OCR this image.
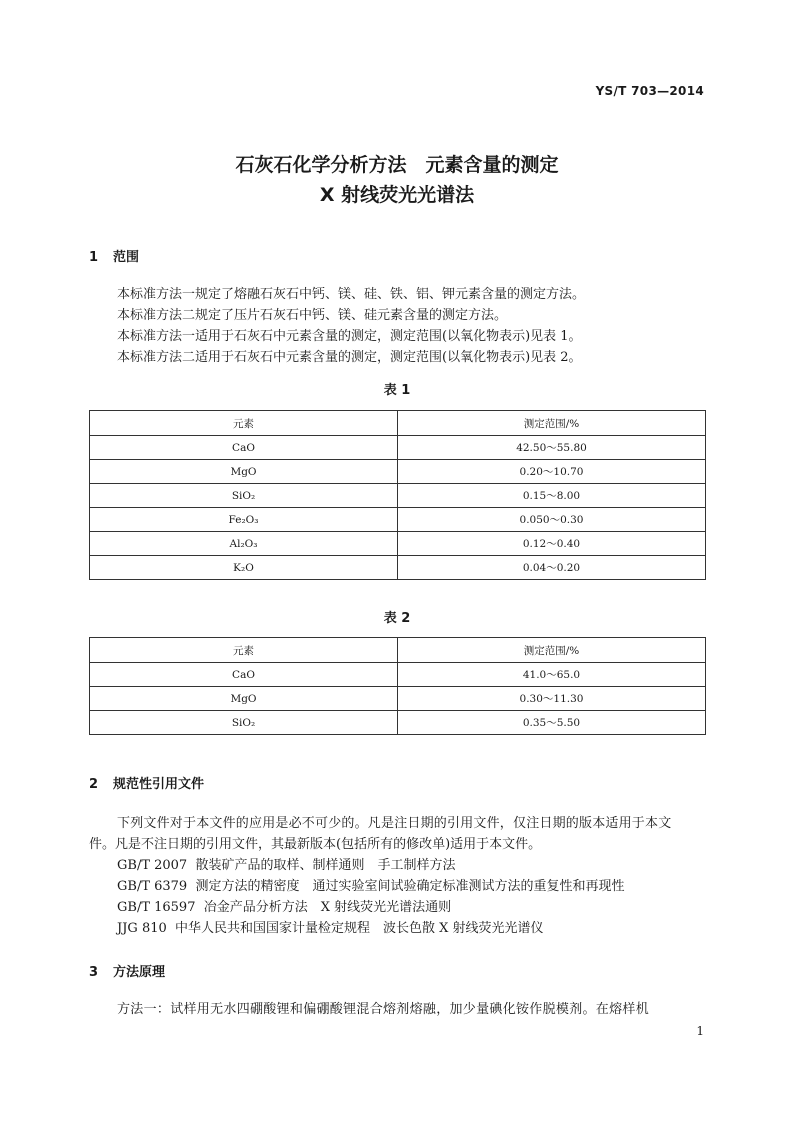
YS/T 703—2014
石灰石化学分析方法　元素含量的测定
X 射线荧光光谱法
1 范围
本标准方法一规定了熔融石灰石中钙、镁、硅、铁、铝、钾元素含量的测定方法。
本标准方法二规定了压片石灰石中钙、镁、硅元素含量的测定方法。
本标准方法一适用于石灰石中元素含量的测定，测定范围(以氧化物表示)见表 1。
本标准方法二适用于石灰石中元素含量的测定，测定范围(以氧化物表示)见表 2。
表 1
元素	测定范围/%
CaO	42.50～55.80
MgO	0.20～10.70
SiO₂	0.15～8.00
Fe₂O₃	0.050～0.30
Al₂O₃	0.12～0.40
K₂O	0.04～0.20
表 2
元素	测定范围/%
CaO	41.0～65.0
MgO	0.30～11.30
SiO₂	0.35～5.50
2 规范性引用文件
下列文件对于本文件的应用是必不可少的。凡是注日期的引用文件，仅注日期的版本适用于本文
件。凡是不注日期的引用文件，其最新版本(包括所有的修改单)适用于本文件。
GB/T 2007 散装矿产品的取样、制样通则　手工制样方法
GB/T 6379 测定方法的精密度　通过实验室间试验确定标准测试方法的重复性和再现性
GB/T 16597 冶金产品分析方法　X 射线荧光光谱法通则
JJG 810 中华人民共和国国家计量检定规程　波长色散 X 射线荧光光谱仪
3 方法原理
方法一：试样用无水四硼酸锂和偏硼酸锂混合熔剂熔融，加少量碘化铵作脱模剂。在熔样机
1
